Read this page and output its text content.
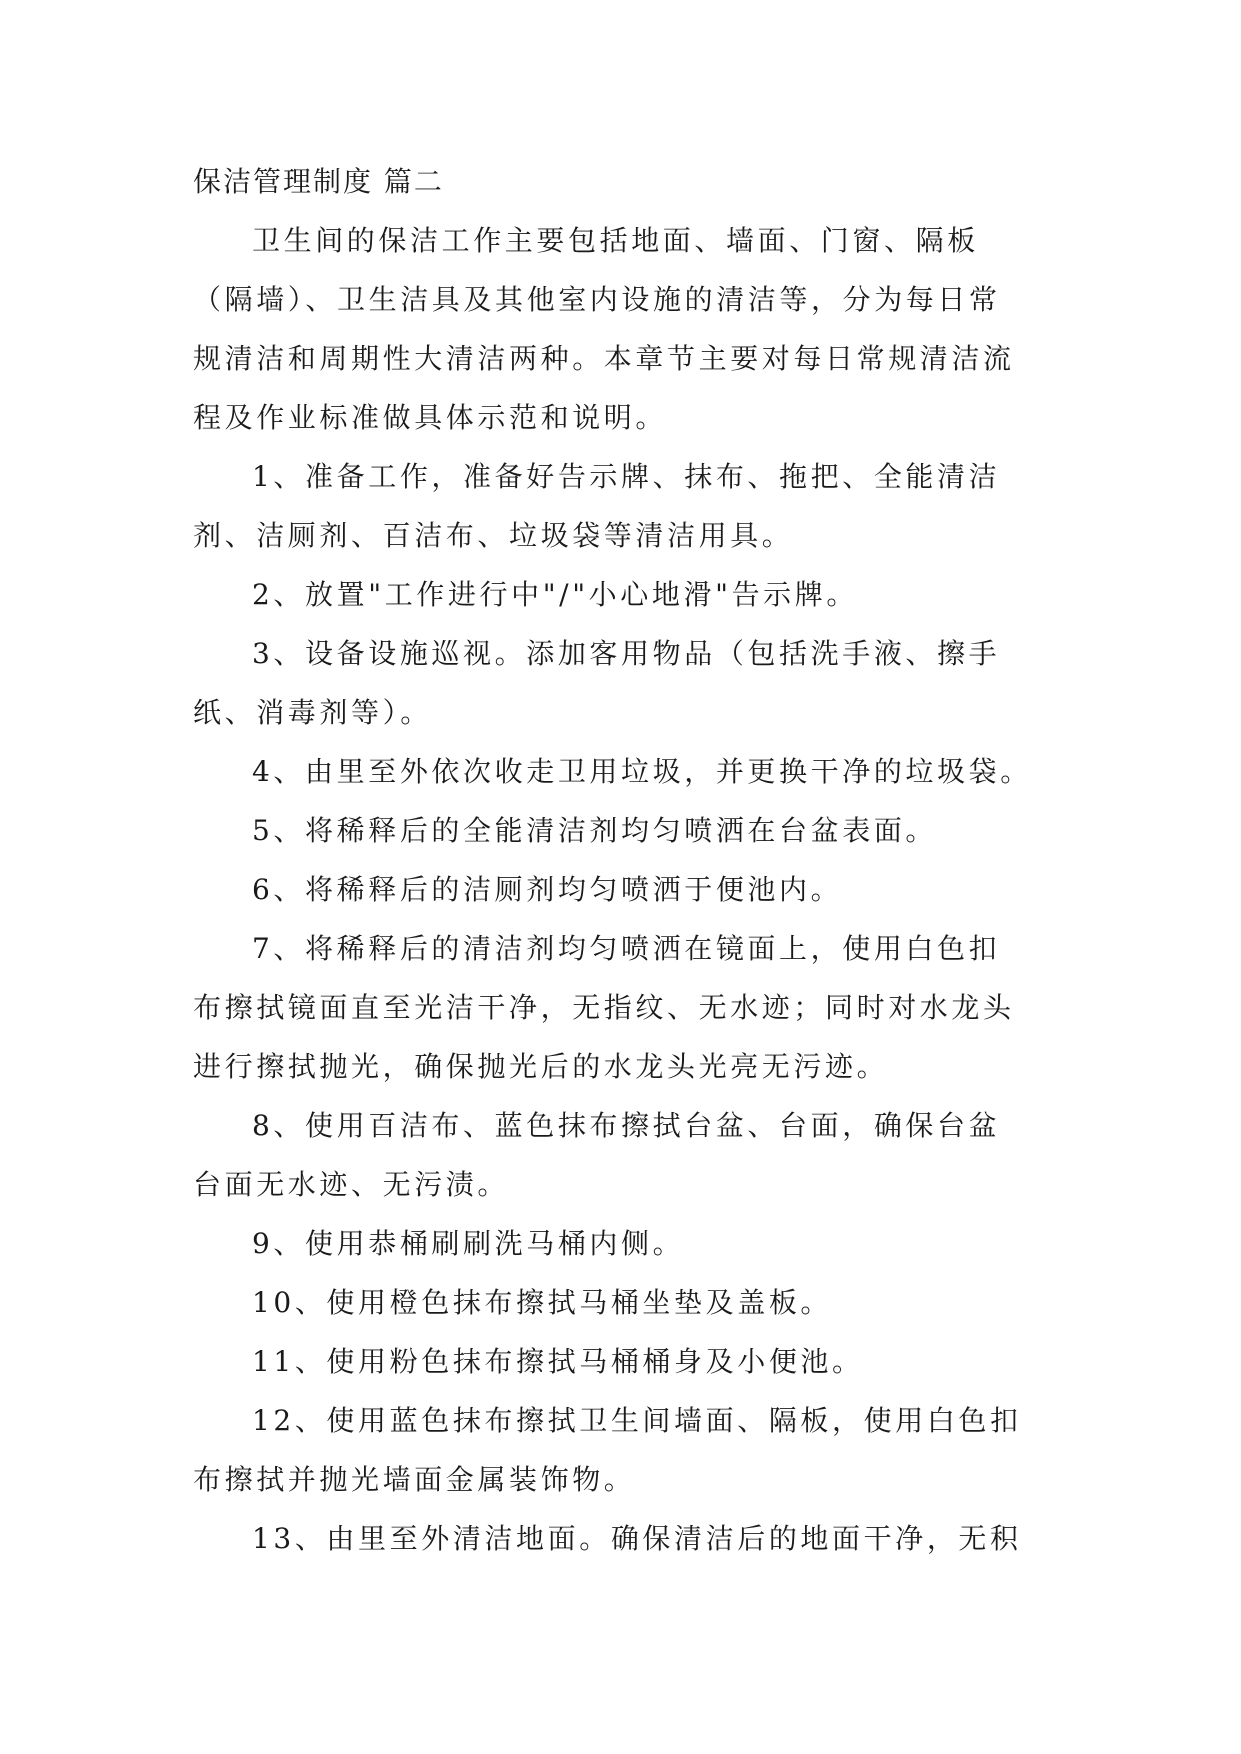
保洁管理制度 篇二
卫生间的保洁工作主要包括地面、墙面、门窗、隔板
（隔墙）、卫生洁具及其他室内设施的清洁等，分为每日常
规清洁和周期性大清洁两种。本章节主要对每日常规清洁流
程及作业标准做具体示范和说明。
1、准备工作，准备好告示牌、抹布、拖把、全能清洁
剂、洁厕剂、百洁布、垃圾袋等清洁用具。
2、放置"工作进行中"/"小心地滑"告示牌。
3、设备设施巡视。添加客用物品（包括洗手液、擦手
纸、消毒剂等）。
4、由里至外依次收走卫用垃圾，并更换干净的垃圾袋。
5、将稀释后的全能清洁剂均匀喷洒在台盆表面。
6、将稀释后的洁厕剂均匀喷洒于便池内。
7、将稀释后的清洁剂均匀喷洒在镜面上，使用白色扣
布擦拭镜面直至光洁干净，无指纹、无水迹；同时对水龙头
进行擦拭抛光，确保抛光后的水龙头光亮无污迹。
8、使用百洁布、蓝色抹布擦拭台盆、台面，确保台盆
台面无水迹、无污渍。
9、使用恭桶刷刷洗马桶内侧。
10、使用橙色抹布擦拭马桶坐垫及盖板。
11、使用粉色抹布擦拭马桶桶身及小便池。
12、使用蓝色抹布擦拭卫生间墙面、隔板，使用白色扣
布擦拭并抛光墙面金属装饰物。
13、由里至外清洁地面。确保清洁后的地面干净，无积
